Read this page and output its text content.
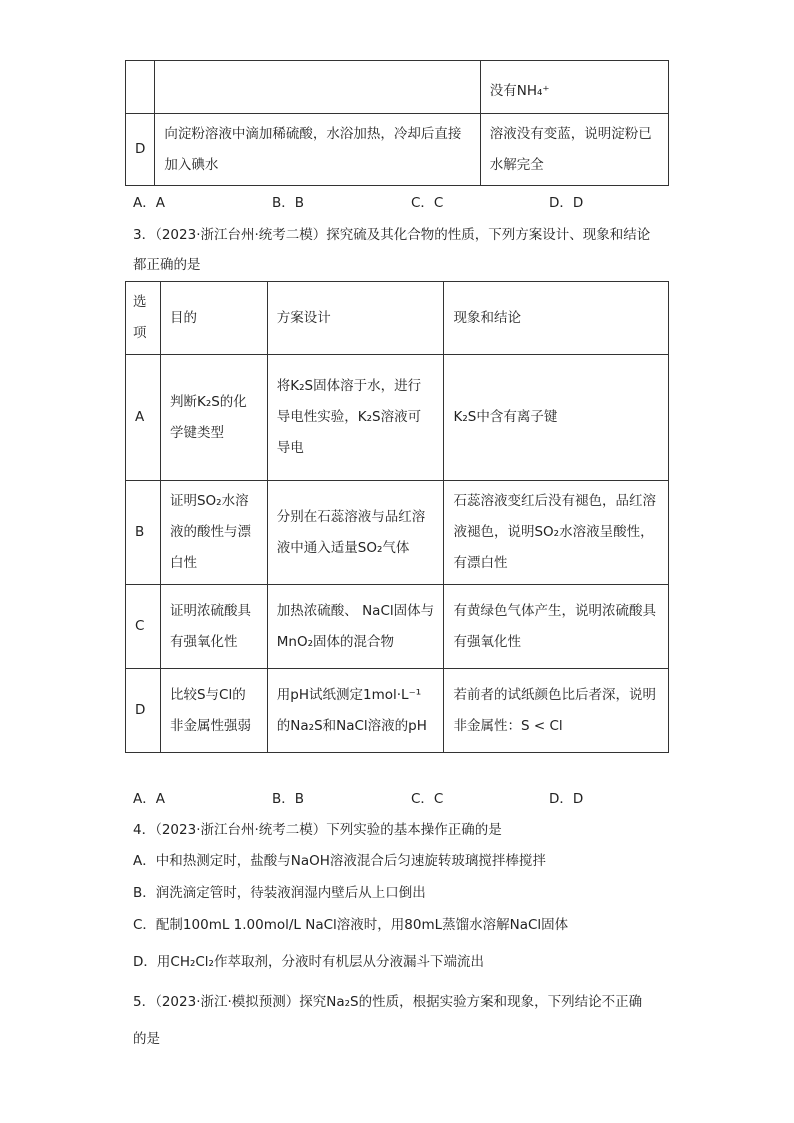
		没有NH₄⁺
D	向淀粉溶液中滴加稀硫酸，水浴加热，冷却后直接加入碘水	溶液没有变蓝，说明淀粉已水解完全
A．A	B．B	C．C	D．D
3．（2023·浙江台州·统考二模）探究硫及其化合物的性质，下列方案设计、现象和结论
都正确的是
选项	目的	方案设计	现象和结论
A	判断K₂S的化学键类型	将K₂S固体溶于水，进行导电性实验，K₂S溶液可导电	K₂S中含有离子键
B	证明SO₂水溶液的酸性与漂白性	分别在石蕊溶液与品红溶液中通入适量SO₂气体	石蕊溶液变红后没有褪色，品红溶液褪色，说明SO₂水溶液呈酸性，有漂白性
C	证明浓硫酸具有强氧化性	加热浓硫酸、 NaCl固体与MnO₂固体的混合物	有黄绿色气体产生，说明浓硫酸具有强氧化性
D	比较S与Cl的非金属性强弱	用pH试纸测定1mol·L⁻¹的Na₂S和NaCl溶液的pH	若前者的试纸颜色比后者深，说明非金属性：S < Cl
A．A	B．B	C．C	D．D
4．（2023·浙江台州·统考二模）下列实验的基本操作正确的是
A．中和热测定时，盐酸与NaOH溶液混合后匀速旋转玻璃搅拌棒搅拌
B．润洗滴定管时，待装液润湿内壁后从上口倒出
C．配制100mL 1.00mol/L NaCl溶液时，用80mL蒸馏水溶解NaCl固体
D．用CH₂Cl₂作萃取剂，分液时有机层从分液漏斗下端流出
5．（2023·浙江·模拟预测）探究Na₂S的性质，根据实验方案和现象，下列结论不正确
的是
